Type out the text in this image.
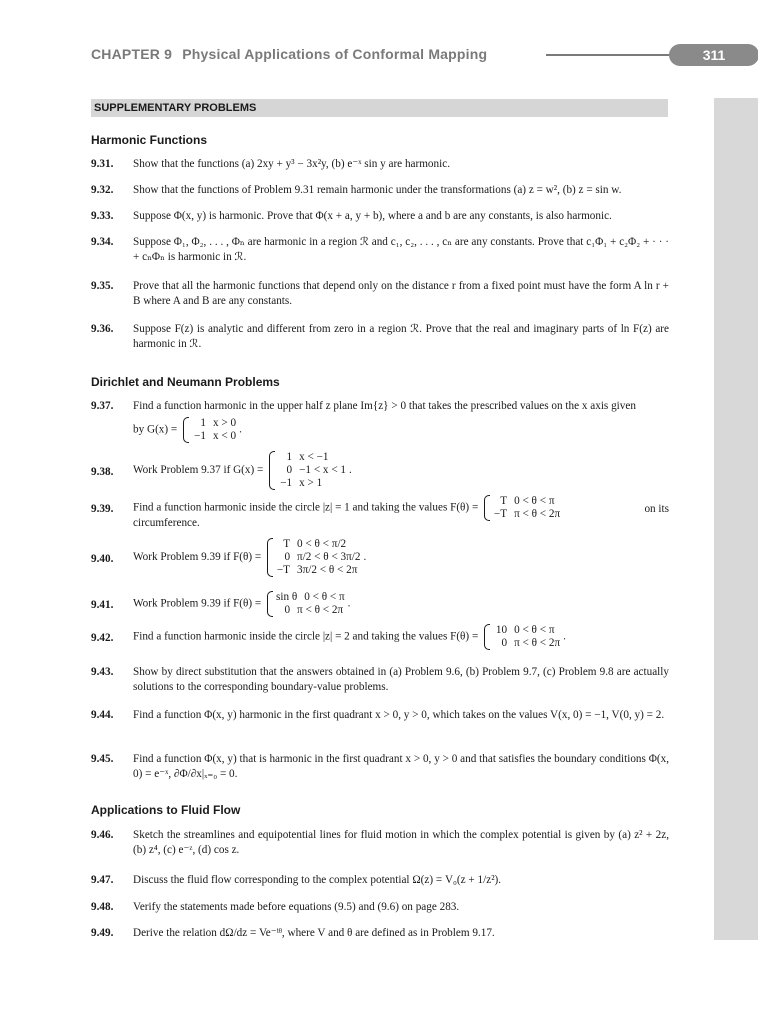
CHAPTER 9 Physical Applications of Conformal Mapping	311
SUPPLEMENTARY PROBLEMS
Harmonic Functions
9.31. Show that the functions (a) 2xy + y³ − 3x²y, (b) e⁻ˣ sin y are harmonic.
9.32. Show that the functions of Problem 9.31 remain harmonic under the transformations (a) z = w², (b) z = sin w.
9.33. Suppose Φ(x, y) is harmonic. Prove that Φ(x + a, y + b), where a and b are any constants, is also harmonic.
9.34. Suppose Φ₁, Φ₂, . . . , Φₙ are harmonic in a region ℛ and c₁, c₂, . . . , cₙ are any constants. Prove that c₁Φ₁ + c₂Φ₂ + · · · + cₙΦₙ is harmonic in ℛ.
9.35. Prove that all the harmonic functions that depend only on the distance r from a fixed point must have the form A ln r + B where A and B are any constants.
9.36. Suppose F(z) is analytic and different from zero in a region ℛ. Prove that the real and imaginary parts of ln F(z) are harmonic in ℛ.
Dirichlet and Neumann Problems
9.37. Find a function harmonic in the upper half z plane Im{z} > 0 that takes the prescribed values on the x axis given
by G(x) =
1 x > 0
−1 x < 0
.
9.38. Work Problem 9.37 if G(x) =
1 x < −1
0 −1 < x < 1
−1 x > 1
.
9.39. Find a function harmonic inside the circle |z| = 1 and taking the values F(θ) =
T 0 < θ < π
−T π < θ < 2π	on its
circumference.
9.40. Work Problem 9.39 if F(θ) =
T 0 < θ < π/2
0 π/2 < θ < 3π/2
−T 3π/2 < θ < 2π
.
9.41. Work Problem 9.39 if F(θ) =
sin θ 0 < θ < π
0 π < θ < 2π
.
9.42. Find a function harmonic inside the circle |z| = 2 and taking the values F(θ) =
10 0 < θ < π
0 π < θ < 2π
.
9.43. Show by direct substitution that the answers obtained in (a) Problem 9.6, (b) Problem 9.7, (c) Problem 9.8 are actually solutions to the corresponding boundary-value problems.
9.44. Find a function Φ(x, y) harmonic in the first quadrant x > 0, y > 0, which takes on the values V(x, 0) = −1, V(0, y) = 2.
9.45. Find a function Φ(x, y) that is harmonic in the first quadrant x > 0, y > 0 and that satisfies the boundary conditions Φ(x, 0) = e⁻ˣ, ∂Φ/∂x|ₓ₌₀ = 0.
Applications to Fluid Flow
9.46. Sketch the streamlines and equipotential lines for fluid motion in which the complex potential is given by (a) z² + 2z, (b) z⁴, (c) e⁻ᶻ, (d) cos z.
9.47. Discuss the fluid flow corresponding to the complex potential Ω(z) = V₀(z + 1/z²).
9.48. Verify the statements made before equations (9.5) and (9.6) on page 283.
9.49. Derive the relation dΩ/dz = Ve⁻ⁱᶿ, where V and θ are defined as in Problem 9.17.
